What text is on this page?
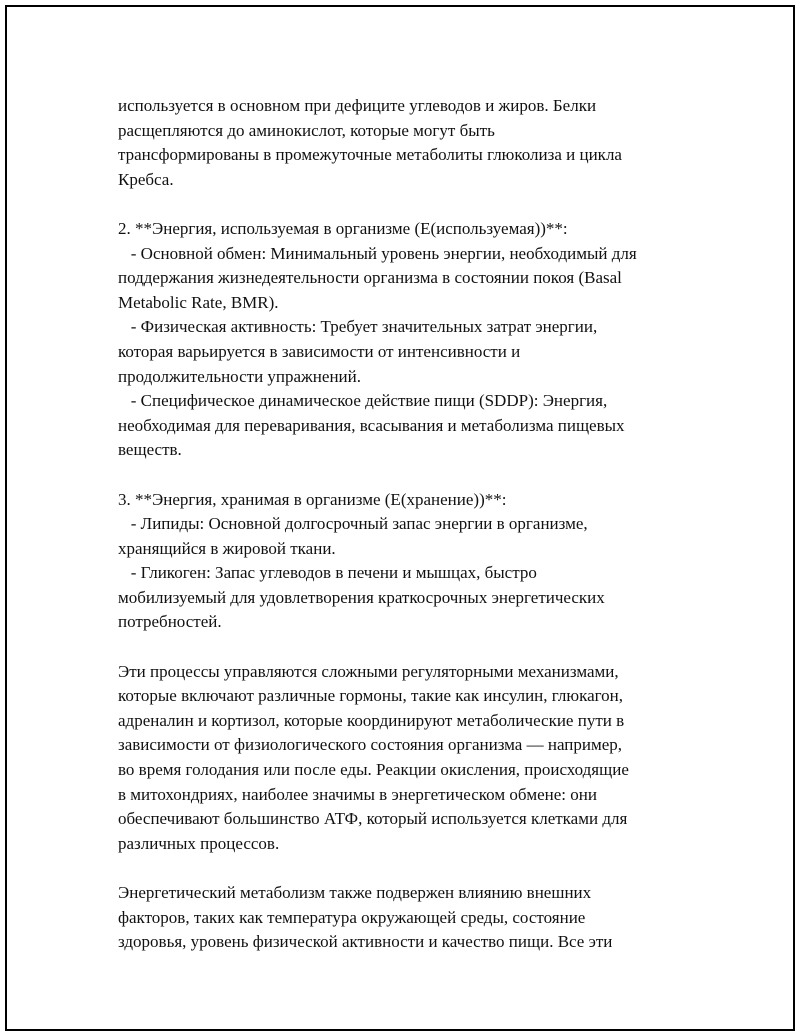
используется в основном при дефиците углеводов и жиров. Белки
расщепляются до аминокислот, которые могут быть
трансформированы в промежуточные метаболиты глюколиза и цикла
Кребса.
2. **Энергия, используемая в организме (E(используемая))**:
- Основной обмен: Минимальный уровень энергии, необходимый для
поддержания жизнедеятельности организма в состоянии покоя (Basal
Metabolic Rate, BMR).
- Физическая активность: Требует значительных затрат энергии,
которая варьируется в зависимости от интенсивности и
продолжительности упражнений.
- Специфическое динамическое действие пищи (SDDP): Энергия,
необходимая для переваривания, всасывания и метаболизма пищевых
веществ.
3. **Энергия, хранимая в организме (E(хранение))**:
- Липиды: Основной долгосрочный запас энергии в организме,
хранящийся в жировой ткани.
- Гликоген: Запас углеводов в печени и мышцах, быстро
мобилизуемый для удовлетворения краткосрочных энергетических
потребностей.
Эти процессы управляются сложными регуляторными механизмами,
которые включают различные гормоны, такие как инсулин, глюкагон,
адреналин и кортизол, которые координируют метаболические пути в
зависимости от физиологического состояния организма — например,
во время голодания или после еды. Реакции окисления, происходящие
в митохондриях, наиболее значимы в энергетическом обмене: они
обеспечивают большинство АТФ, который используется клетками для
различных процессов.
Энергетический метаболизм также подвержен влиянию внешних
факторов, таких как температура окружающей среды, состояние
здоровья, уровень физической активности и качество пищи. Все эти
